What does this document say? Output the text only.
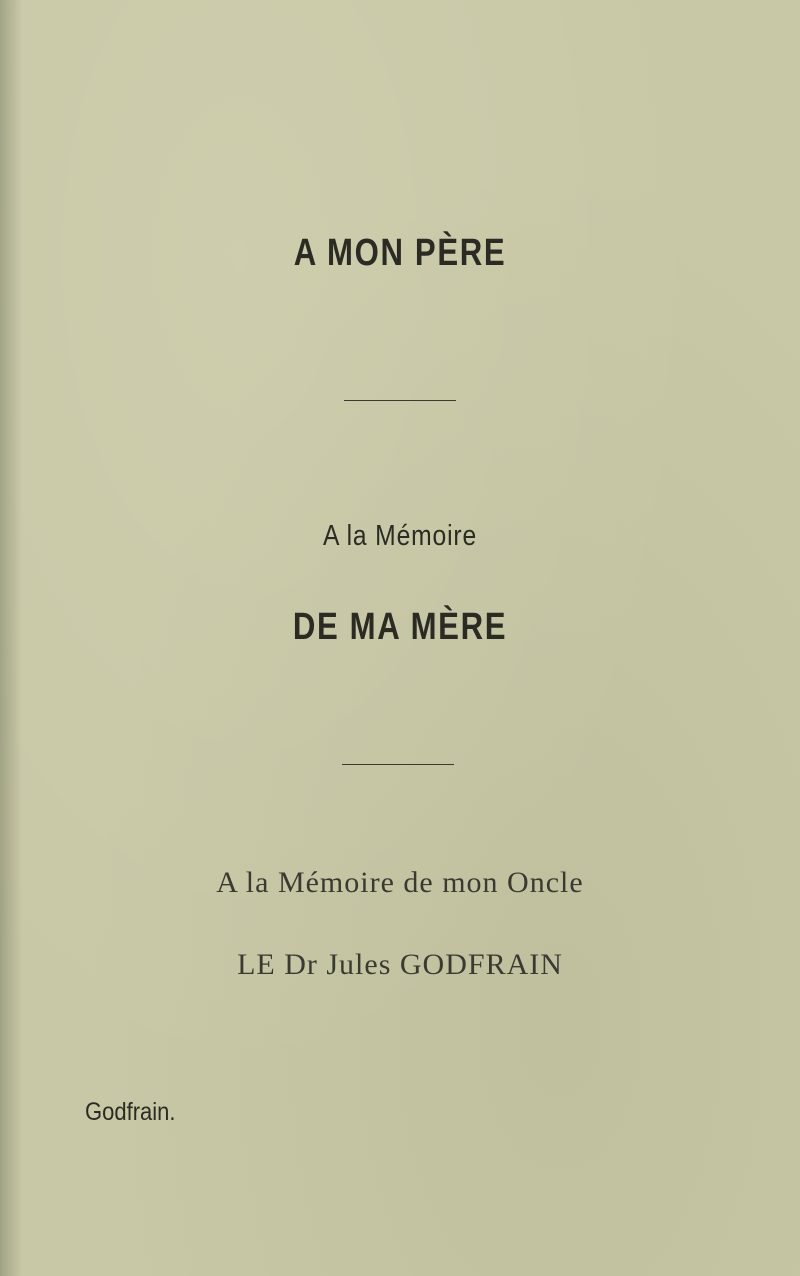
A MON PÈRE
A la Mémoire
DE MA MÈRE
A la Mémoire de mon Oncle
LE Dr Jules GODFRAIN
Godfrain.
